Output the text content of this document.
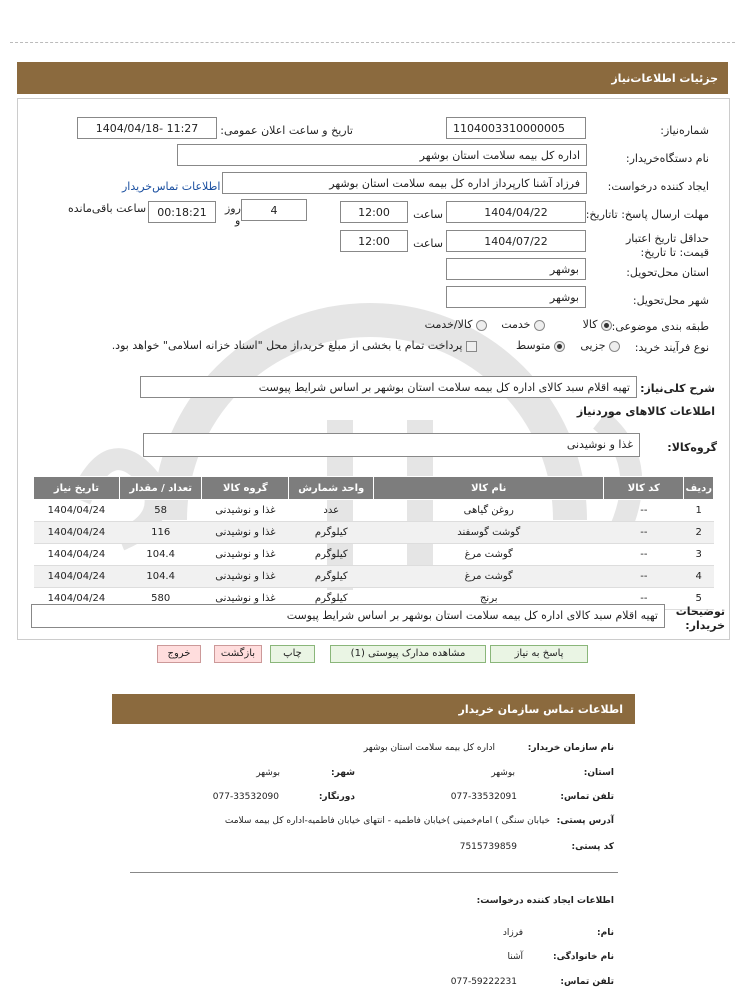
جزئیات اطلاعات‌نیاز
شماره‌نیاز:
1104003310000005
تاریخ و ساعت اعلان عمومی:
1404/04/18- 11:27
نام دستگاه‌خریدار:
اداره کل بیمه سلامت استان بوشهر
ایجاد کننده درخواست:
فرزاد آشنا کارپرداز اداره کل بیمه سلامت استان بوشهر
اطلاعات تماس‌خریدار
مهلت ارسال پاسخ: تاتاریخ:
1404/04/22
ساعت
12:00
4
روز
و
00:18:21
ساعت باقی‌مانده
حداقل تاریخ اعتبار قیمت: تا تاریخ:
1404/07/22
ساعت
12:00
استان محل‌تحویل:
بوشهر
شهر محل‌تحویل:
بوشهر
طبقه بندی موضوعی:
کالا
خدمت
کالا/خدمت
نوع فرآیند خرید:
جزیی
متوسط
پرداخت تمام یا بخشی از مبلغ خرید،از محل "اسناد خزانه اسلامی" خواهد بود.
شرح کلی‌نیاز:
تهیه اقلام سبد کالای اداره کل بیمه سلامت استان بوشهر بر اساس شرایط پیوست
اطلاعات کالاهای موردنیاز
گروه‌کالا:
غذا و نوشیدنی
ردیف	کد کالا	نام کالا	واحد شمارش	گروه کالا	تعداد / مقدار	تاریخ نیاز
1	--	روغن گیاهی	عدد	غذا و نوشیدنی	58	1404/04/24
2	--	گوشت گوسفند	کیلوگرم	غذا و نوشیدنی	116	1404/04/24
3	--	گوشت مرغ	کیلوگرم	غذا و نوشیدنی	104.4	1404/04/24
4	--	گوشت مرغ	کیلوگرم	غذا و نوشیدنی	104.4	1404/04/24
5	--	برنج	کیلوگرم	غذا و نوشیدنی	580	1404/04/24
توضیحات خریدار:
تهیه اقلام سبد کالای اداره کل بیمه سلامت استان بوشهر بر اساس شرایط پیوست
پاسخ به نیاز
مشاهده مدارک پیوستی (1)
چاپ
بازگشت
خروج
اطلاعات تماس سازمان خریدار
نام سازمان خریدار:
اداره کل بیمه سلامت استان بوشهر
استان:
بوشهر
شهر:
بوشهر
تلفن تماس:
077-33532091
دورنگار:
077-33532090
آدرس پستی:
خیابان سنگی ) امام‌خمینی )خیابان فاطمیه - انتهای خیابان فاطمیه-اداره کل بیمه سلامت
کد پستی:
7515739859
اطلاعات ایجاد کننده درخواست:
نام:
فرزاد
نام خانوادگی:
آشنا
تلفن تماس:
077-59222231
